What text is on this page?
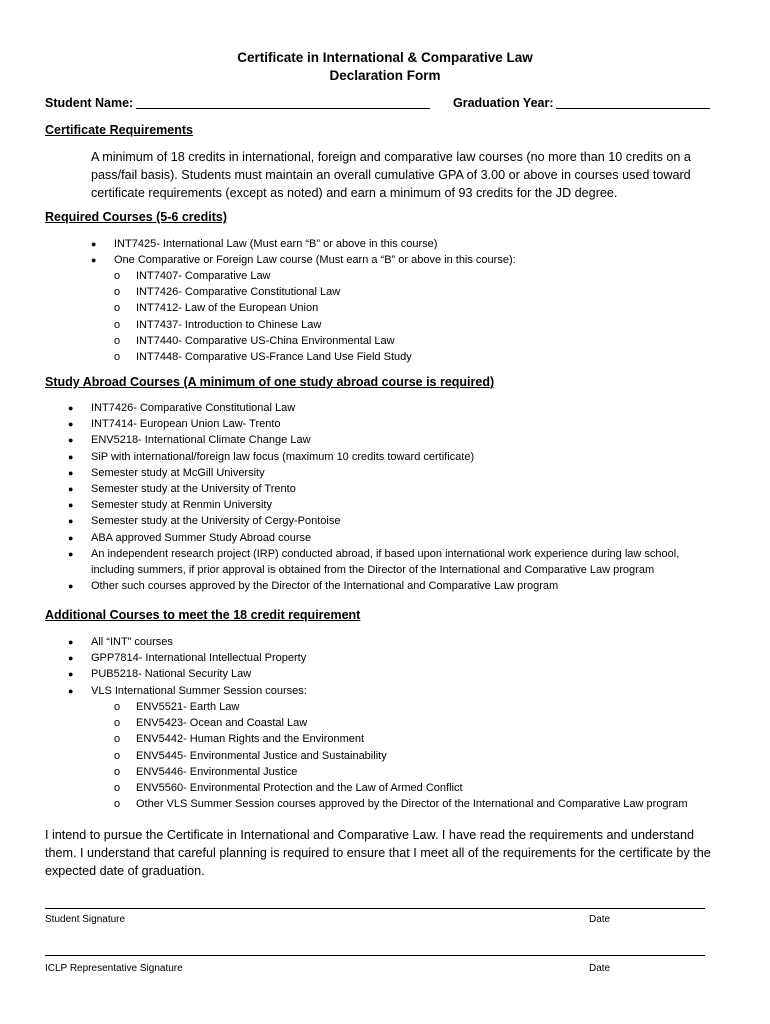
Certificate in International & Comparative Law
Declaration Form
Student Name:	Graduation Year:
Certificate Requirements
A minimum of 18 credits in international, foreign and comparative law courses (no more than 10 credits on a pass/fail basis). Students must maintain an overall cumulative GPA of 3.00 or above in courses used toward certificate requirements (except as noted) and earn a minimum of 93 credits for the JD degree.
Required Courses (5-6 credits)
● INT7425- International Law (Must earn “B” or above in this course)
● One Comparative or Foreign Law course (Must earn a “B” or above in this course):
o INT7407- Comparative Law
o INT7426- Comparative Constitutional Law
o INT7412- Law of the European Union
o INT7437- Introduction to Chinese Law
o INT7440- Comparative US-China Environmental Law
o INT7448- Comparative US-France Land Use Field Study
Study Abroad Courses (A minimum of one study abroad course is required)
● INT7426- Comparative Constitutional Law
● INT7414- European Union Law- Trento
● ENV5218- International Climate Change Law
● SiP with international/foreign law focus (maximum 10 credits toward certificate)
● Semester study at McGill University
● Semester study at the University of Trento
● Semester study at Renmin University
● Semester study at the University of Cergy-Pontoise
● ABA approved Summer Study Abroad course
● An independent research project (IRP) conducted abroad, if based upon international work experience during law school, including summers, if prior approval is obtained from the Director of the International and Comparative Law program
● Other such courses approved by the Director of the International and Comparative Law program
Additional Courses to meet the 18 credit requirement
● All “INT” courses
● GPP7814- International Intellectual Property
● PUB5218- National Security Law
● VLS International Summer Session courses:
o ENV5521- Earth Law
o ENV5423- Ocean and Coastal Law
o ENV5442- Human Rights and the Environment
o ENV5445- Environmental Justice and Sustainability
o ENV5446- Environmental Justice
o ENV5560- Environmental Protection and the Law of Armed Conflict
o Other VLS Summer Session courses approved by the Director of the International and Comparative Law program
I intend to pursue the Certificate in International and Comparative Law. I have read the requirements and understand them. I understand that careful planning is required to ensure that I meet all of the requirements for the certificate by the expected date of graduation.
Student Signature	Date
ICLP Representative Signature	Date
